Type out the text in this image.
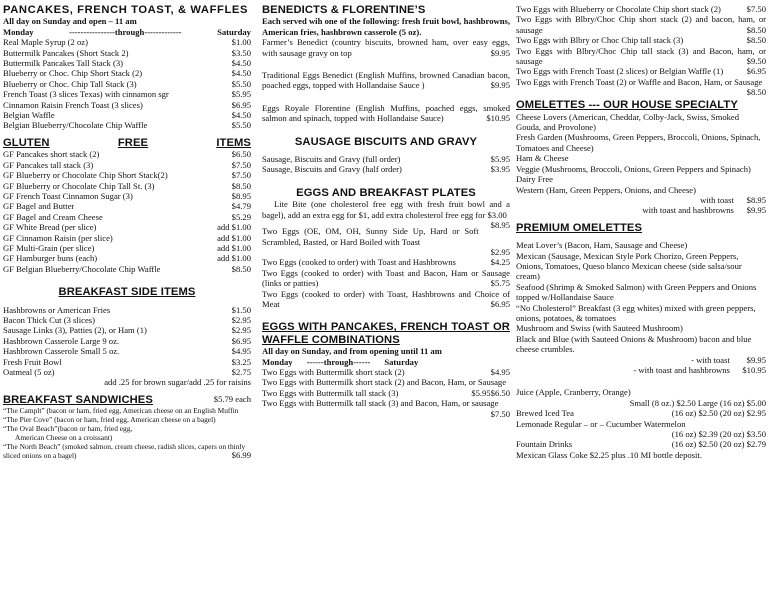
PANCAKES, FRENCH TOAST, & WAFFLES
All day on Sunday and open – 11 am
Monday	----------------through-------------	Saturday
Real Maple Syrup (2 oz)	$1.00
Buttermilk Pancakes (Short Stack 2)	$3.50
Buttermilk Pancakes Tall Stack (3)	$4.50
Blueberry or Choc. Chip Short Stack (2)	$4.50
Blueberry or Choc. Chip Tall Stack (3)	$5.50
French Toast (3 slices Texas) with cinnamon sgr	$5.95
Cinnamon Raisin French Toast (3 slices)	$6.95
Belgian Waffle	$4.50
Belgian Blueberry/Chocolate Chip Waffle	$5.50
GLUTEN	FREE	ITEMS
GF Pancakes short stack (2)	$6.50
GF Pancakes tall stack (3)	$7.50
GF Blueberry or Chocolate Chip Short Stack(2)	$7.50
GF Blueberry or Chocolate Chip Tall St. (3)	$8.50
GF French Toast Cinnamon Sugar (3)	$8.95
GF Bagel and Butter	$4.79
GF Bagel and Cream Cheese	$5.29
GF White Bread (per slice)	add $1.00
GF Cinnamon Raisin (per slice)	add $1.00
GF Multi-Grain (per slice)	add $1.00
GF Hamburger buns (each)	add $1.00
GF Belgian Blueberry/Chocolate Chip Waffle	$8.50
BREAKFAST SIDE ITEMS
Hashbrowns or American Fries	$1.50
Bacon Thick Cut (3 slices)	$2.95
Sausage Links (3), Patties (2), or Ham (1)	$2.95
Hashbrown Casserole Large 9 oz.	$6.95
Hashbrown Casserole Small 5 oz.	$4.95
Fresh Fruit Bowl	$3.25
Oatmeal (5 oz)	$2.75
add .25 for brown sugar/add .25 for raisins
BREAKFAST SANDWICHES	$5.79 each
“The Camplt” (bacon or ham, fried egg, American cheese on an English Muffin
“The Pier Cove” (bacon or ham, fried egg, American cheese on a bagel)
“The Oval Beach”(bacon or ham, fried egg,
American Cheese on a croissant)
“The North Beach” (smoked salmon, cream cheese, radish slices, capers on thinly sliced onions on a bagel)	$6.99
BENEDICTS & FLORENTINE’S
Each served wih one of the following: fresh fruit bowl, hashbrowns, American fries, hashbrown casserole (5 oz).
Farmer’s Benedict (country biscuits, browned ham, over easy eggs, with sausage gravy on top	$9.95
Traditional Eggs Benedict (English Muffins, browned Canadian bacon, poached eggs, topped with Hollandaise Sauce )	$9.95
Eggs Royale Florentine (English Muffins, poached eggs, smoked salmon and spinach, topped with Hollandaise Sauce)	$10.95
SAUSAGE BISCUITS AND GRAVY
Sausage, Biscuits and Gravy (full order)	$5.95
Sausage, Biscuits and Gravy (half order)	$3.95
EGGS AND BREAKFAST PLATES
Lite Bite (one cholesterol free egg with fresh fruit bowl and a bagel), add an extra egg for $1, add extra cholesterol free egg for $3.00
$8.95
Two Eggs (OE, OM, OH, Sunny Side Up, Hard or Soft Scrambled, Basted, or Hard Boiled with Toast
$2.95
Two Eggs (cooked to order) with Toast and Hashbrowns	$4.25
Two Eggs (cooked to order) with Toast and Bacon, Ham or Sausage (links or patties)	$5.75
Two Eggs (cooked to order) with Toast, Hashbrowns and Choice of Meat	$6.95
EGGS WITH PANCAKES, FRENCH TOAST OR WAFFLE COMBINATIONS
All day on Sunday, and from opening until 11 am
Monday ------through------ Saturday
Two Eggs with Buttermilk short stack (2)	$4.95
Two Eggs with Buttermilk short stack (2) and Bacon, Ham, or Sausage
$6.50
Two Eggs with Buttermilk tall stack (3)	$5.95
Two Eggs with Buttermilk tall stack (3) and Bacon, Ham, or sausage
$7.50
Two Eggs with Blueberry or Chocolate Chip short stack (2)	$7.50
Two Eggs with Blbry/Choc Chip short stack (2) and bacon, ham, or sausage	$8.50
Two Eggs with Blbry or Choc Chip tall stack (3)	$8.50
Two Eggs with Blbry/Choc Chip tall stack (3) and Bacon, ham, or sausage	$9.50
Two Eggs with French Toast (2 slices) or Belgian Waffle (1)	$6.95
Two Eggs with French Toast (2) or Waffle and Bacon, Ham, or Sausage
$8.50
OMELETTES --- OUR HOUSE SPECIALTY
Cheese Lovers (American, Cheddar, Colby-Jack, Swiss, Smoked Gouda, and Provolone)
Fresh Garden (Mushrooms, Green Peppers, Broccoli, Onions, Spinach, Tomatoes and Cheese)
Ham & Cheese
Veggie (Mushrooms, Broccoli, Onions, Green Peppers and Spinach) Dairy Free
Western (Ham, Green Peppers, Onions, and Cheese)
with toast $8.95
with toast and hashbrowns $9.95
PREMIUM OMELETTES
Meat Lover’s (Bacon, Ham, Sausage and Cheese)
Mexican (Sausage, Mexican Style Pork Chorizo, Green Peppers, Onions, Tomatoes, Queso blanco Mexican cheese (side salsa/sour cream)
Seafood (Shrimp & Smoked Salmon) with Green Peppers and Onions topped w/Hollandaise Sauce
“No Cholesterol” Breakfast (3 egg whites) mixed with green peppers, onions, potatoes, & tomatoes
Mushroom and Swiss (with Sauteed Mushroom)
Black and Blue (with Sauteed Onions & Mushroom) bacon and blue cheese crumbles.
- with toast $9.95
- with toast and hashbrowns $10.95
Juice (Apple, Cranberry, Orange)
Small (8 oz.) $2.50 Large (16 oz) $5.00
Brewed Iced Tea	(16 oz) $2.50 (20 oz) $2.95
Lemonade Regular – or – Cucumber Watermelon
(16 oz) $2.39 (20 oz) $3.50
Fountain Drinks	(16 oz) $2.50 (20 oz) $2.79
Mexican Glass Coke $2.25 plus .10 MI bottle deposit.
